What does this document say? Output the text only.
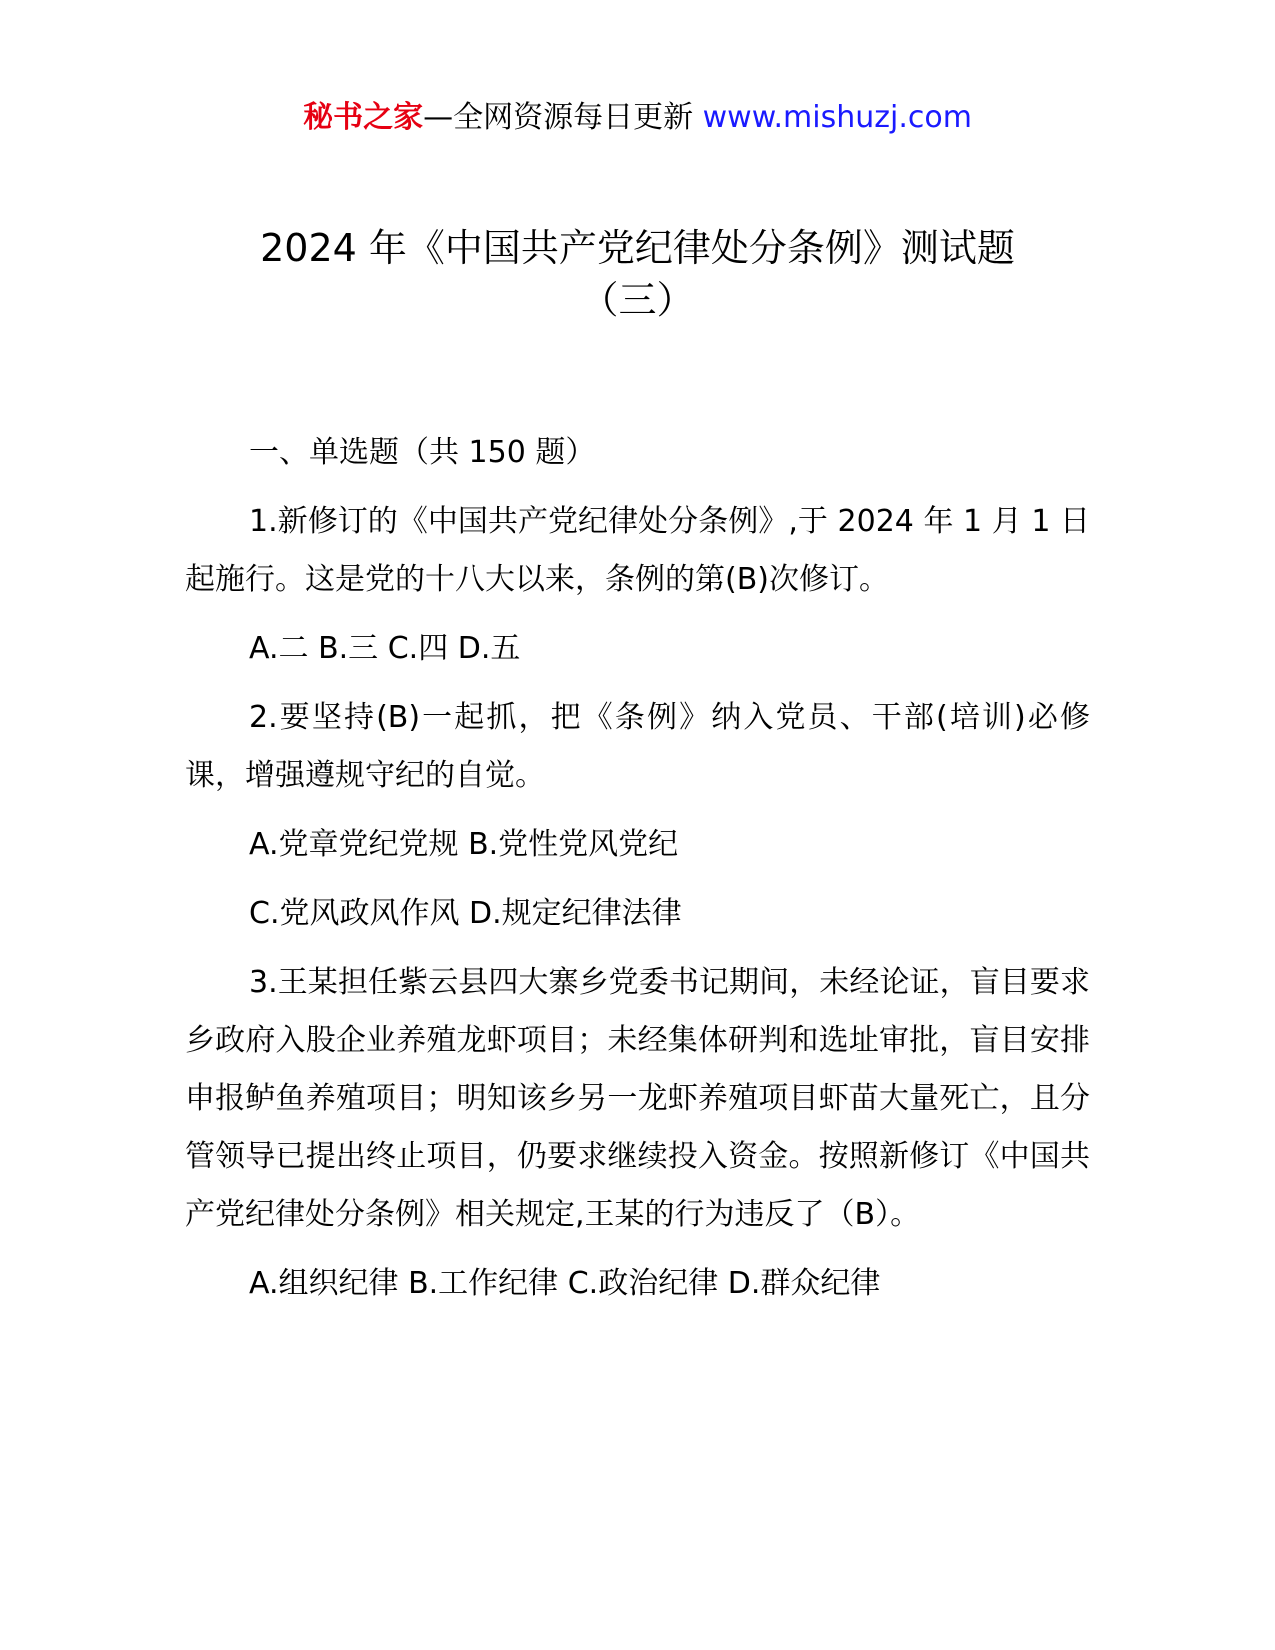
秘书之家—全网资源每日更新 www.mishuzj.com
2024 年《中国共产党纪律处分条例》测试题
（三）

一、单选题（共 150 题）

1.新修订的《中国共产党纪律处分条例》,于 2024 年 1 月 1 日起施行。这是党的十八大以来，条例的第(B)次修订。

A.二 B.三 C.四 D.五

2.要坚持(B)一起抓，把《条例》纳入党员、干部(培训)必修课，增强遵规守纪的自觉。

A.党章党纪党规 B.党性党风党纪

C.党风政风作风 D.规定纪律法律

3.王某担任紫云县四大寨乡党委书记期间，未经论证，盲目要求乡政府入股企业养殖龙虾项目；未经集体研判和选址审批，盲目安排申报鲈鱼养殖项目；明知该乡另一龙虾养殖项目虾苗大量死亡，且分管领导已提出终止项目，仍要求继续投入资金。按照新修订《中国共产党纪律处分条例》相关规定,王某的行为违反了（B）。

A.组织纪律 B.工作纪律 C.政治纪律 D.群众纪律
